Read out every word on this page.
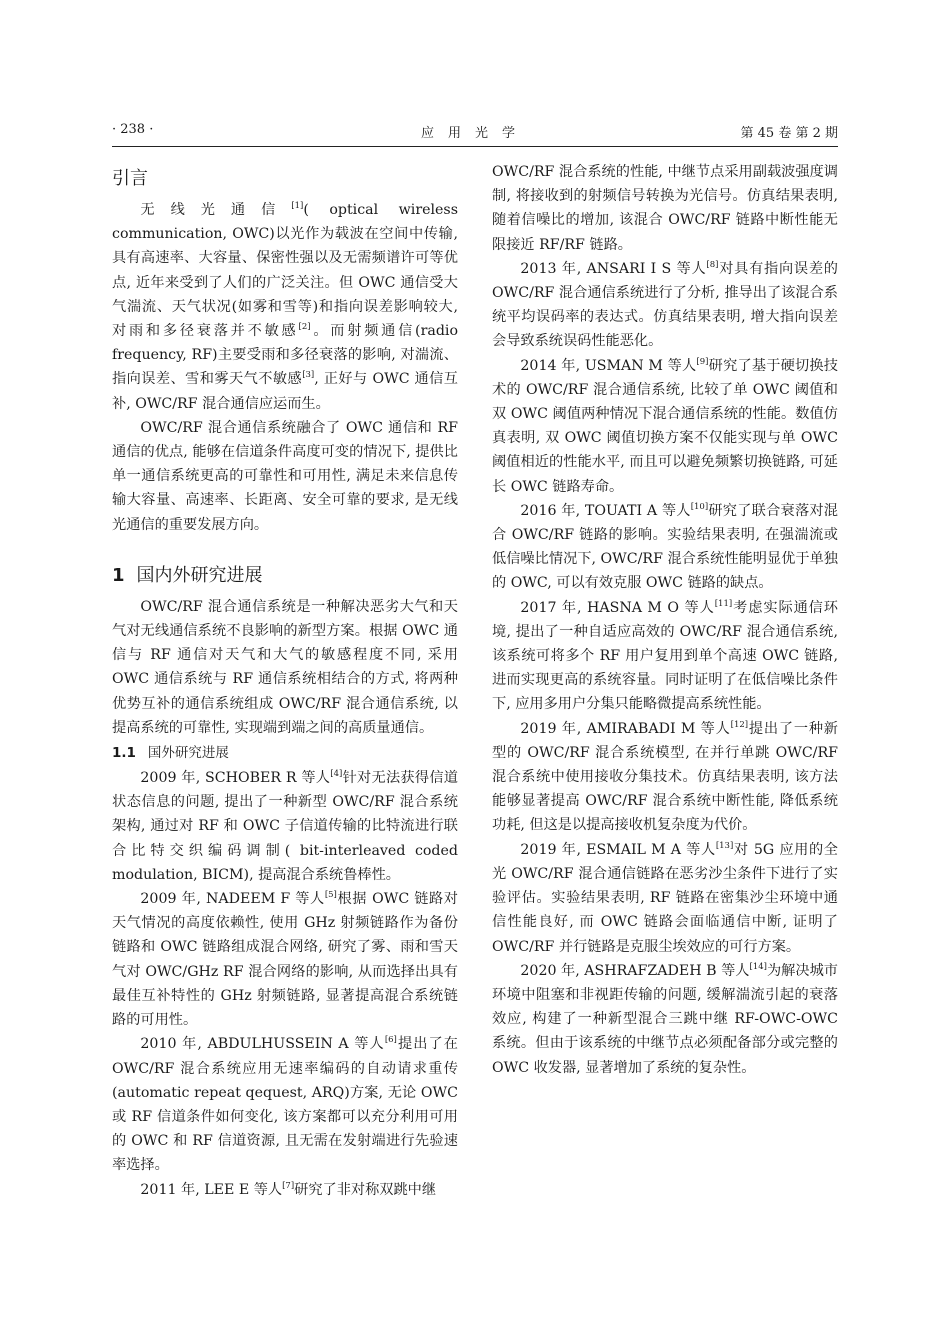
· 238 ·	应用光学	第 45 卷 第 2 期
引言

无线光通信[1]( optical wireless communication, OWC)以光作为载波在空间中传输, 具有高速率、大容量、保密性强以及无需频谱许可等优点, 近年来受到了人们的广泛关注。但 OWC 通信受大气湍流、天气状况(如雾和雪等)和指向误差影响较大, 对雨和多径衰落并不敏感[2]。而射频通信(radio frequency, RF)主要受雨和多径衰落的影响, 对湍流、指向误差、雪和雾天气不敏感[3], 正好与 OWC 通信互补, OWC/RF 混合通信应运而生。

OWC/RF 混合通信系统融合了 OWC 通信和 RF 通信的优点, 能够在信道条件高度可变的情况下, 提供比单一通信系统更高的可靠性和可用性, 满足未来信息传输大容量、高速率、长距离、安全可靠的要求, 是无线光通信的重要发展方向。

1 国内外研究进展

OWC/RF 混合通信系统是一种解决恶劣大气和天气对无线通信系统不良影响的新型方案。根据 OWC 通信与 RF 通信对天气和大气的敏感程度不同, 采用 OWC 通信系统与 RF 通信系统相结合的方式, 将两种优势互补的通信系统组成 OWC/RF 混合通信系统, 以提高系统的可靠性, 实现端到端之间的高质量通信。

1.1 国外研究进展

2009 年, SCHOBER R 等人[4]针对无法获得信道状态信息的问题, 提出了一种新型 OWC/RF 混合系统架构, 通过对 RF 和 OWC 子信道传输的比特流进行联合比特交织编码调制( bit-interleaved coded modulation, BICM), 提高混合系统鲁棒性。

2009 年, NADEEM F 等人[5]根据 OWC 链路对天气情况的高度依赖性, 使用 GHz 射频链路作为备份链路和 OWC 链路组成混合网络, 研究了雾、雨和雪天气对 OWC/GHz RF 混合网络的影响, 从而选择出具有最佳互补特性的 GHz 射频链路, 显著提高混合系统链路的可用性。

2010 年, ABDULHUSSEIN A 等人[6]提出了在 OWC/RF 混合系统应用无速率编码的自动请求重传(automatic repeat qequest, ARQ)方案, 无论 OWC 或 RF 信道条件如何变化, 该方案都可以充分利用可用的 OWC 和 RF 信道资源, 且无需在发射端进行先验速率选择。

2011 年, LEE E 等人[7]研究了非对称双跳中继

OWC/RF 混合系统的性能, 中继节点采用副载波强度调制, 将接收到的射频信号转换为光信号。仿真结果表明, 随着信噪比的增加, 该混合 OWC/RF 链路中断性能无限接近 RF/RF 链路。

2013 年, ANSARI I S 等人[8]对具有指向误差的 OWC/RF 混合通信系统进行了分析, 推导出了该混合系统平均误码率的表达式。仿真结果表明, 增大指向误差会导致系统误码性能恶化。

2014 年, USMAN M 等人[9]研究了基于硬切换技术的 OWC/RF 混合通信系统, 比较了单 OWC 阈值和双 OWC 阈值两种情况下混合通信系统的性能。数值仿真表明, 双 OWC 阈值切换方案不仅能实现与单 OWC 阈值相近的性能水平, 而且可以避免频繁切换链路, 可延长 OWC 链路寿命。

2016 年, TOUATI A 等人[10]研究了联合衰落对混合 OWC/RF 链路的影响。实验结果表明, 在强湍流或低信噪比情况下, OWC/RF 混合系统性能明显优于单独的 OWC, 可以有效克服 OWC 链路的缺点。

2017 年, HASNA M O 等人[11]考虑实际通信环境, 提出了一种自适应高效的 OWC/RF 混合通信系统, 该系统可将多个 RF 用户复用到单个高速 OWC 链路, 进而实现更高的系统容量。同时证明了在低信噪比条件下, 应用多用户分集只能略微提高系统性能。

2019 年, AMIRABADI M 等人[12]提出了一种新型的 OWC/RF 混合系统模型, 在并行单跳 OWC/RF 混合系统中使用接收分集技术。仿真结果表明, 该方法能够显著提高 OWC/RF 混合系统中断性能, 降低系统功耗, 但这是以提高接收机复杂度为代价。

2019 年, ESMAIL M A 等人[13]对 5G 应用的全光 OWC/RF 混合通信链路在恶劣沙尘条件下进行了实验评估。实验结果表明, RF 链路在密集沙尘环境中通信性能良好, 而 OWC 链路会面临通信中断, 证明了 OWC/RF 并行链路是克服尘埃效应的可行方案。

2020 年, ASHRAFZADEH B 等人[14]为解决城市环境中阻塞和非视距传输的问题, 缓解湍流引起的衰落效应, 构建了一种新型混合三跳中继 RF-OWC-OWC 系统。但由于该系统的中继节点必须配备部分或完整的 OWC 收发器, 显著增加了系统的复杂性。
